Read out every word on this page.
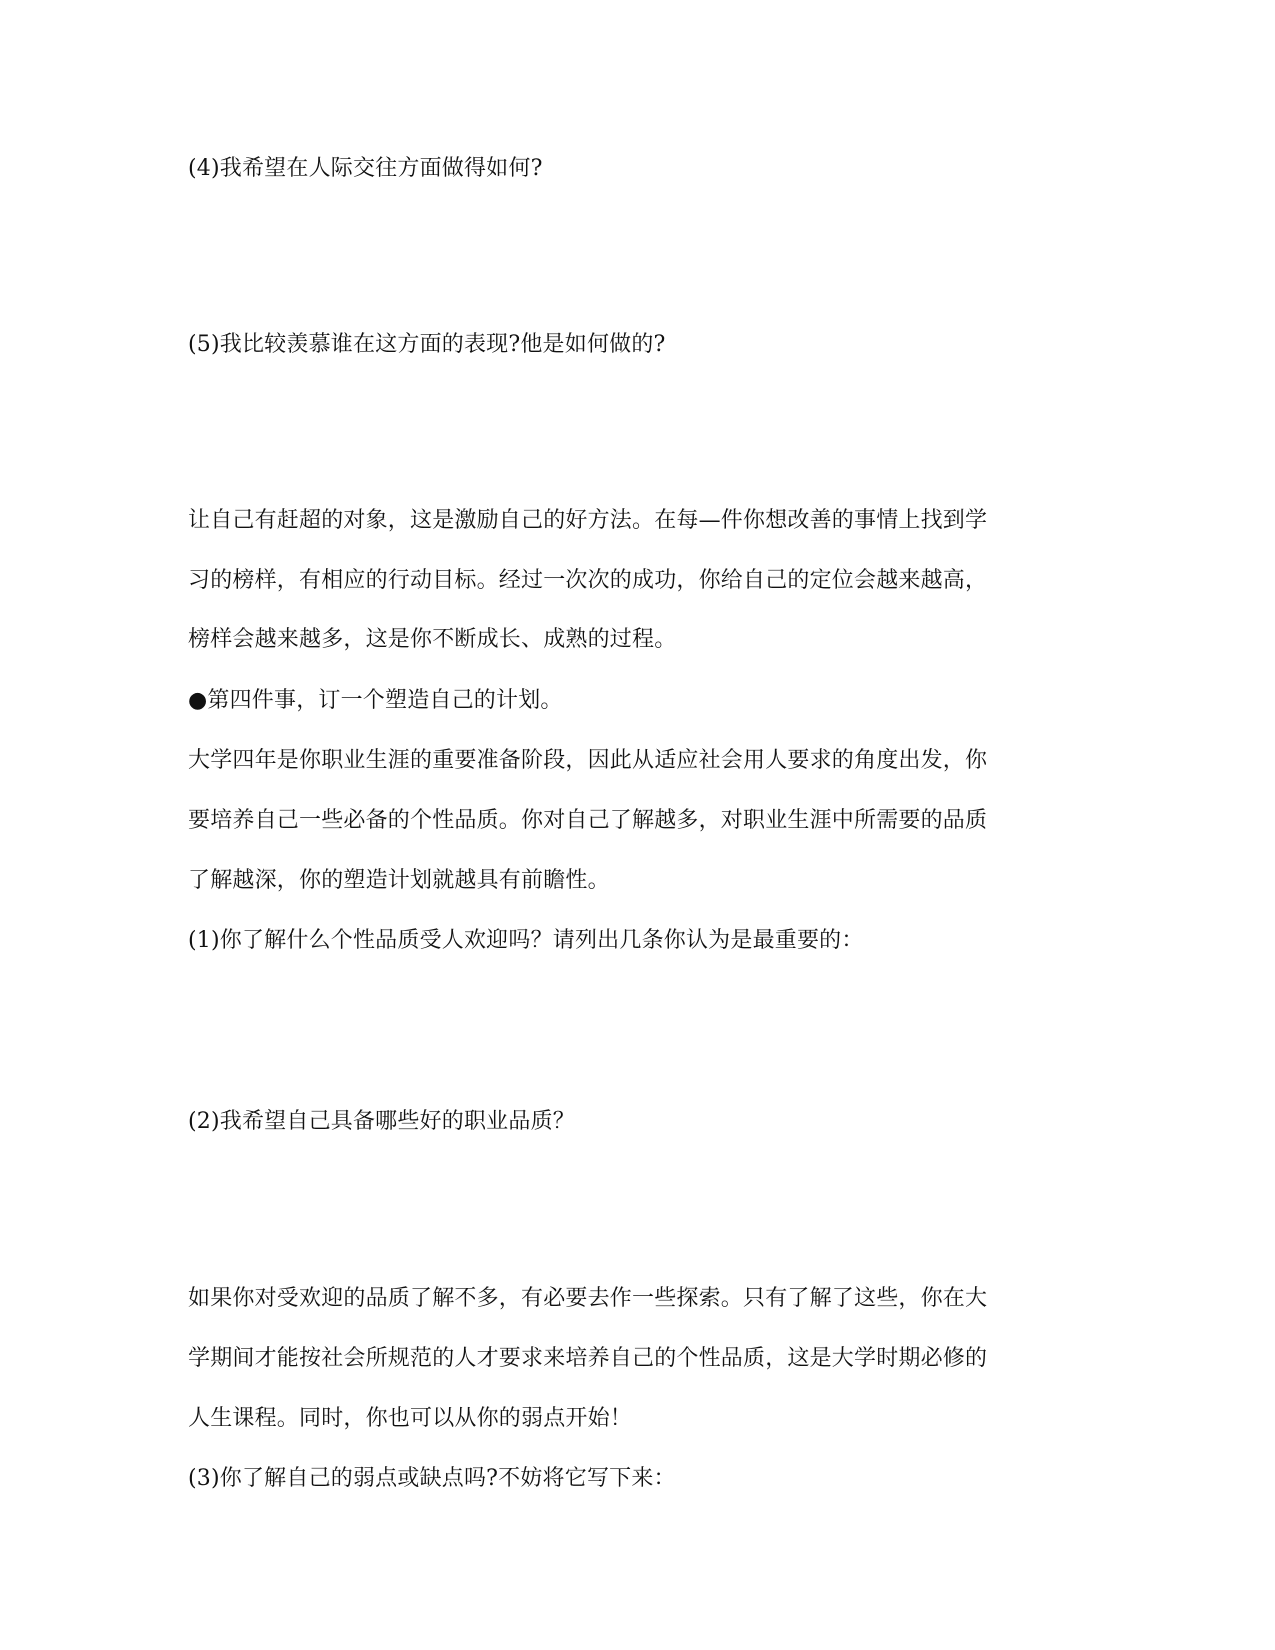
(4)我希望在人际交往方面做得如何?
(5)我比较羡慕谁在这方面的表现?他是如何做的?
让自己有赶超的对象，这是激励自己的好方法。在每—件你想改善的事情上找到学
习的榜样，有相应的行动目标。经过一次次的成功，你给自己的定位会越来越高，
榜样会越来越多，这是你不断成长、成熟的过程。
●第四件事，订一个塑造自己的计划。
大学四年是你职业生涯的重要准备阶段，因此从适应社会用人要求的角度出发，你
要培养自己一些必备的个性品质。你对自己了解越多，对职业生涯中所需要的品质
了解越深，你的塑造计划就越具有前瞻性。
(1)你了解什么个性品质受人欢迎吗？请列出几条你认为是最重要的：
(2)我希望自己具备哪些好的职业品质？
如果你对受欢迎的品质了解不多，有必要去作一些探索。只有了解了这些，你在大
学期间才能按社会所规范的人才要求来培养自己的个性品质，这是大学时期必修的
人生课程。同时，你也可以从你的弱点开始！
(3)你了解自己的弱点或缺点吗?不妨将它写下来：
